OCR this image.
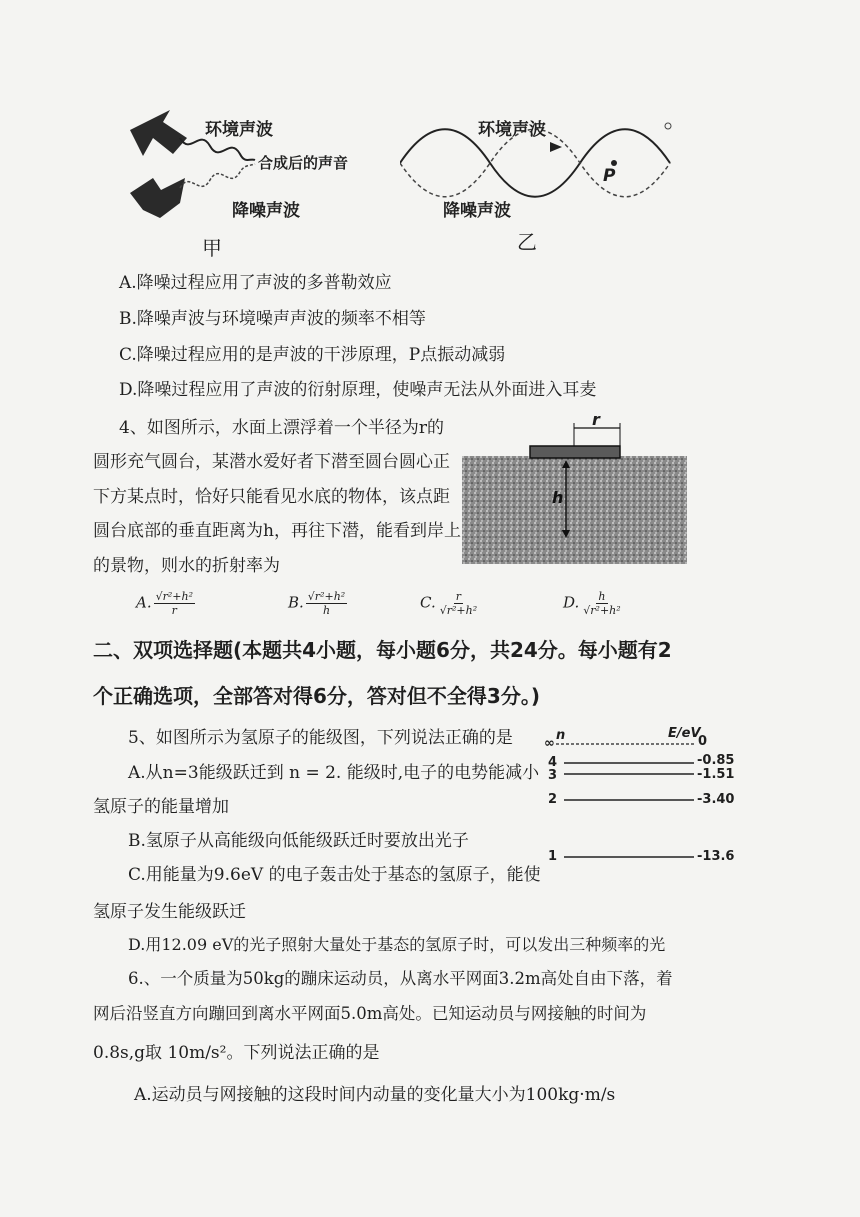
环境声波
合成后的声音
降噪声波
甲
环境声波
P
降噪声波
乙
A.降噪过程应用了声波的多普勒效应
B.降噪声波与环境噪声声波的频率不相等
C.降噪过程应用的是声波的干涉原理，P点振动减弱
D.降噪过程应用了声波的衍射原理，使噪声无法从外面进入耳麦
4、如图所示，水面上漂浮着一个半径为r的
圆形充气圆台，某潜水爱好者下潜至圆台圆心正
下方某点时，恰好只能看见水底的物体，该点距
圆台底部的垂直距离为h，再往下潜，能看到岸上
的景物，则水的折射率为
r
h
A. $\frac{\text{√r²+h²}}{r}$	B. $\frac{\text{√r²+h²}}{h}$	C. $\frac{r}{\text{√r²+h²}}$	D. $\frac{h}{\text{√r²+h²}}$
二、双项选择题(本题共4小题，每小题6分，共24分。每小题有2
个正确选项，全部答对得6分，答对但不全得3分。)
5、如图所示为氢原子的能级图，下列说法正确的是
A.从n=3能级跃迁到 n = 2. 能级时,电子的电势能减小
氢原子的能量增加
B.氢原子从高能级向低能级跃迁时要放出光子
C.用能量为9.6eV 的电子轰击处于基态的氢原子，能使
氢原子发生能级跃迁
D.用12.09 eV的光子照射大量处于基态的氢原子时，可以发出三种频率的光
n	E/eV
∞
4
3
2
1
0
-0.85
-1.51
-3.40
-13.6
6.、一个质量为50kg的蹦床运动员，从离水平网面3.2m高处自由下落，着
网后沿竖直方向蹦回到离水平网面5.0m高处。已知运动员与网接触的时间为
0.8s,g取 10m/s²。下列说法正确的是
A.运动员与网接触的这段时间内动量的变化量大小为100kg·m/s
